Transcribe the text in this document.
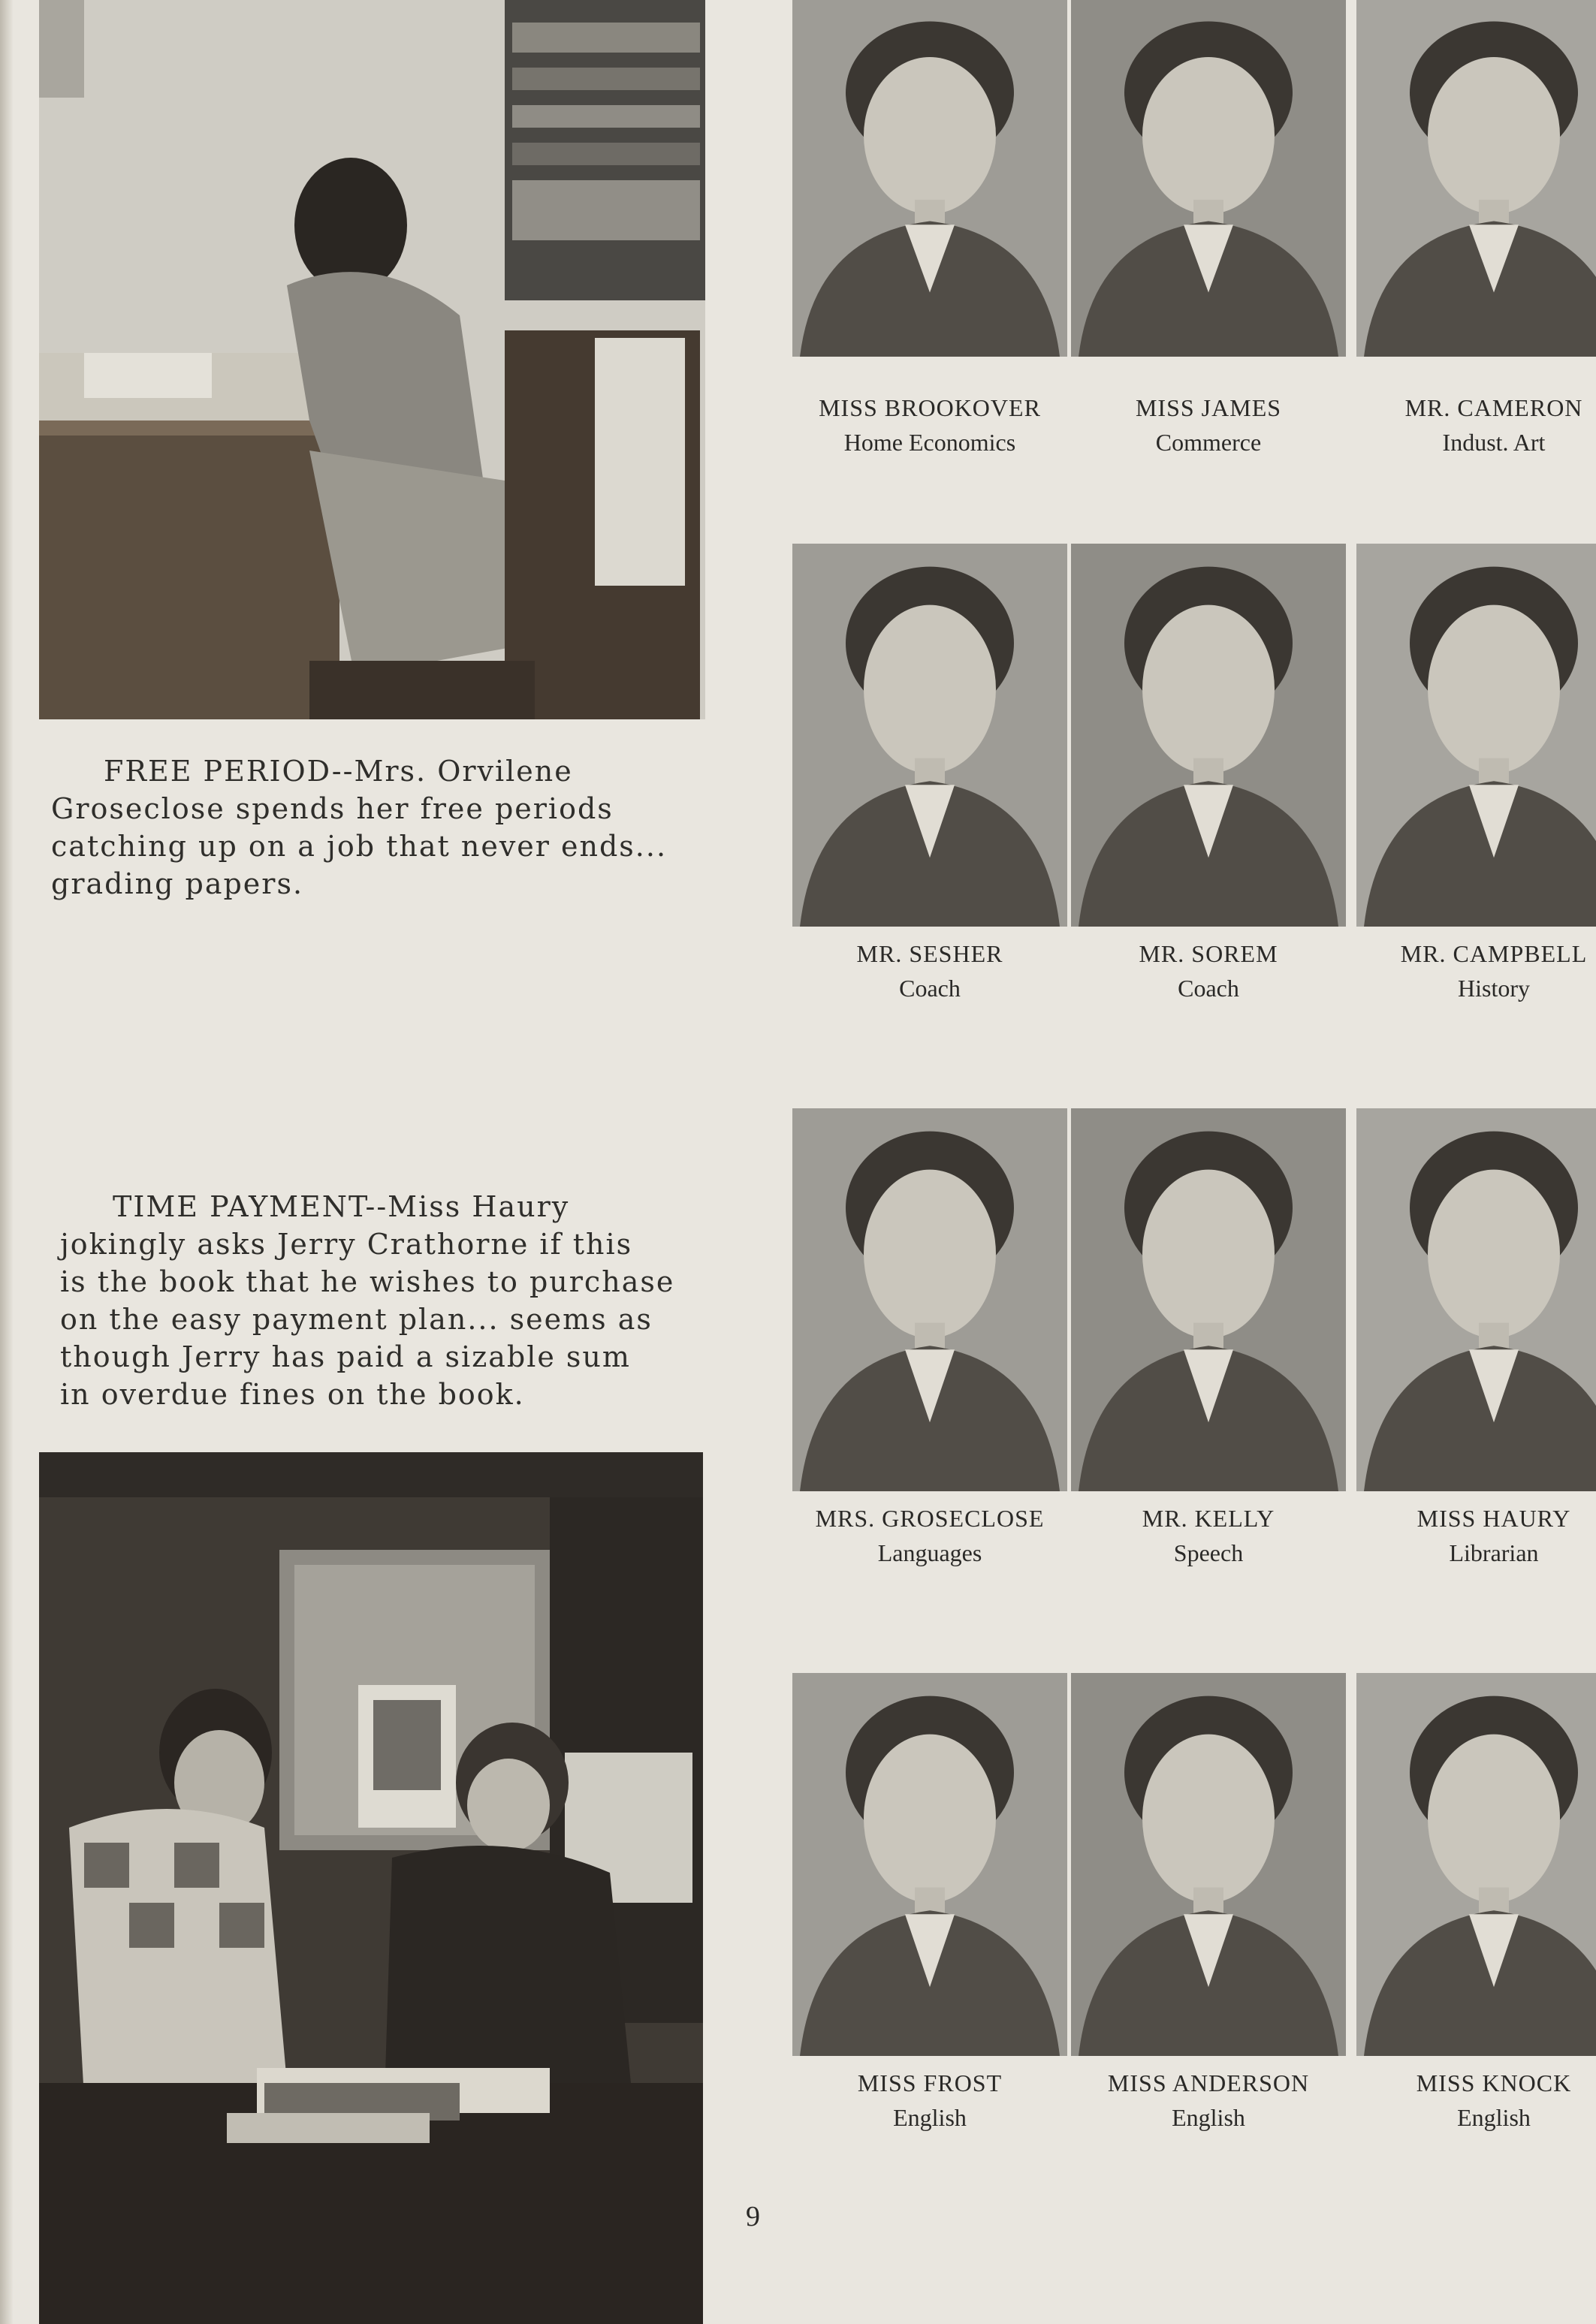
FREE PERIOD--Mrs. Orvilene

Groseclose spends her free periods

catching up on a job that never ends...

grading papers.

TIME PAYMENT--Miss Haury

jokingly asks Jerry Crathorne if this

is the book that he wishes to purchase

on the easy payment plan... seems as

though Jerry has paid a sizable sum

in overdue fines on the book.

9
MISS BROOKOVER
Home Economics
MISS JAMES
Commerce
MR. CAMERON
Indust. Art
MR. SESHER
Coach
MR. SOREM
Coach
MR. CAMPBELL
History
MRS. GROSECLOSE
Languages
MR. KELLY
Speech
MISS HAURY
Librarian
MISS FROST
English
MISS ANDERSON
English
MISS KNOCK
English
